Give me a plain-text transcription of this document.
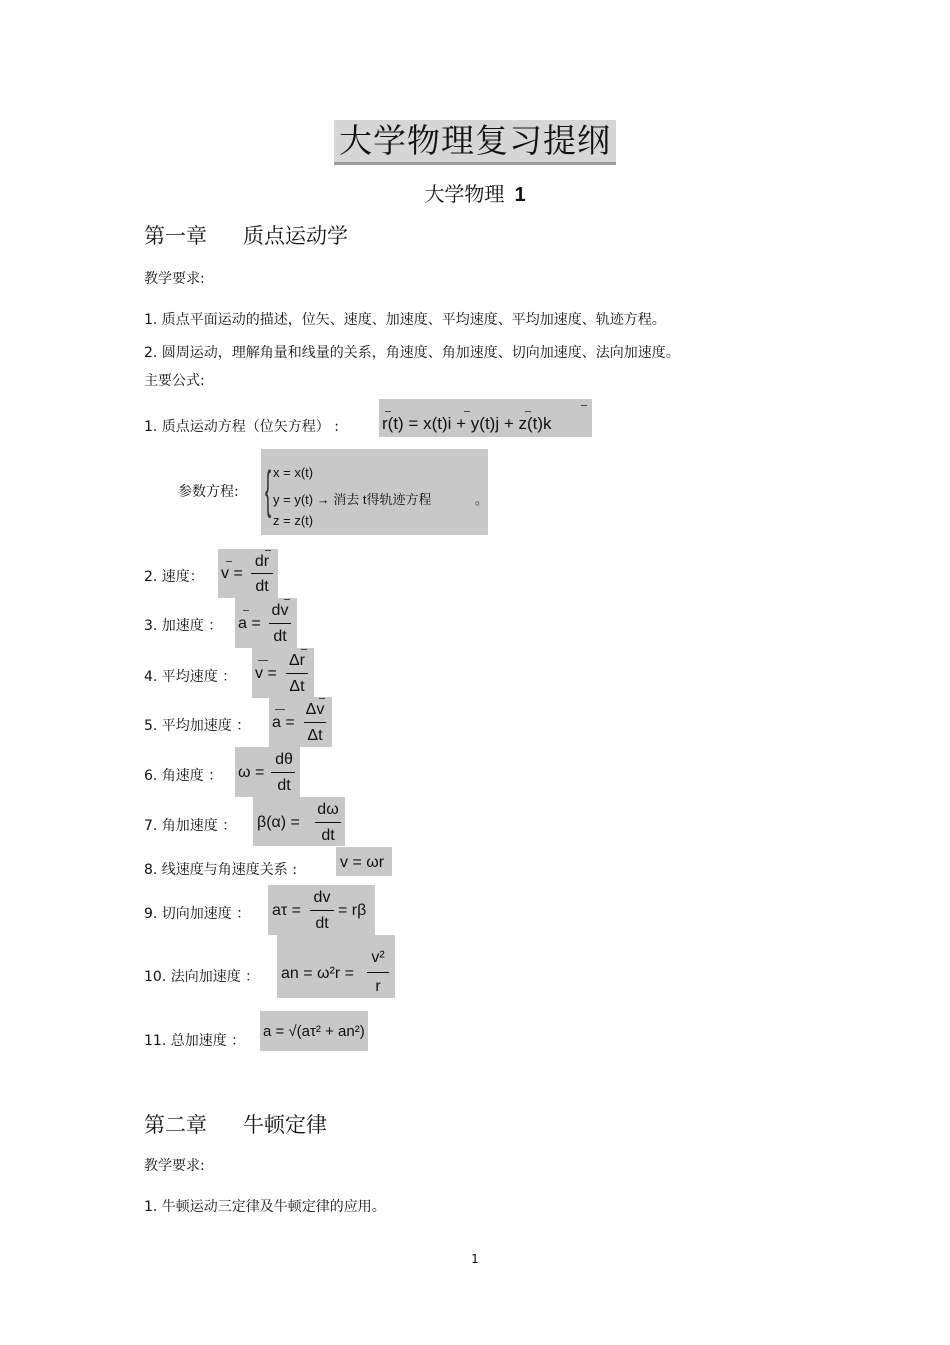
大学物理复习提纲
大学物理 1
第一章 质点运动学
教学要求:
1. 质点平面运动的描述，位矢、速度、加速度、平均速度、平均加速度、轨迹方程。
2. 圆周运动，理解角量和线量的关系，角速度、角加速度、切向加速度、法向加速度。
主要公式:
1. 质点运动方程（位矢方程） :	r(t) = x(t)i + y(t)j + z(t)k
参数方程: { x = x(t)
y = y(t) → 消去 t得轨迹方程
z = z(t)
。
2. 速度： v =
dr
dt
3. 加速度 ： a =
dv
dt
4. 平均速度 ： v =
Δr
Δt
5. 平均加速度 ： a =
Δv
Δt
6. 角速度 ： ω =
dθ
dt
7. 角加速度 ： β(α) =
dω
dt
8. 线速度与角速度关系 :	v = ωr
9. 切向加速度 ： aτ =
dv
dt
= rβ
10. 法向加速度 ： an = ω²r =
v²
r
11. 总加速度 ：
a = √(aτ² + an²)
第二章 牛顿定律
教学要求:
1. 牛顿运动三定律及牛顿定律的应用。
1
